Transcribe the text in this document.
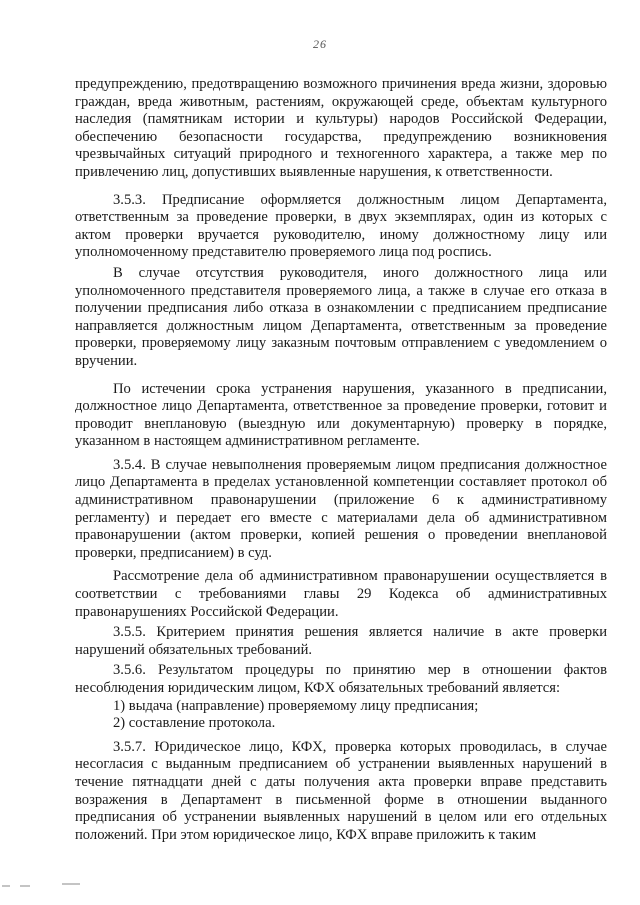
26

предупреждению, предотвращению возможного причинения вреда жизни, здоровью граждан, вреда животным, растениям, окружающей среде, объектам культурного наследия (памятникам истории и культуры) народов Российской Федерации, обеспечению безопасности государства, предупреждению возникновения чрезвычайных ситуаций природного и техногенного характера, а также мер по привлечению лиц, допустивших выявленные нарушения, к ответственности.

3.5.3. Предписание оформляется должностным лицом Департамента, ответственным за проведение проверки, в двух экземплярах, один из которых с актом проверки вручается руководителю, иному должностному лицу или уполномоченному представителю проверяемого лица под роспись.

В случае отсутствия руководителя, иного должностного лица или уполномоченного представителя проверяемого лица, а также в случае его отказа в получении предписания либо отказа в ознакомлении с предписанием предписание направляется должностным лицом Департамента, ответственным за проведение проверки, проверяемому лицу заказным почтовым отправлением с уведомлением о вручении.

По истечении срока устранения нарушения, указанного в предписании, должностное лицо Департамента, ответственное за проведение проверки, готовит и проводит внеплановую (выездную или документарную) проверку в порядке, указанном в настоящем административном регламенте.

3.5.4. В случае невыполнения проверяемым лицом предписания должностное лицо Департамента в пределах установленной компетенции составляет протокол об административном правонарушении (приложение 6 к административному регламенту) и передает его вместе с материалами дела об административном правонарушении (актом проверки, копией решения о проведении внеплановой проверки, предписанием) в суд.

Рассмотрение дела об административном правонарушении осуществляется в соответствии с требованиями главы 29 Кодекса об административных правонарушениях Российской Федерации.

3.5.5. Критерием принятия решения является наличие в акте проверки нарушений обязательных требований.

3.5.6. Результатом процедуры по принятию мер в отношении фактов несоблюдения юридическим лицом, КФХ обязательных требований является:

1) выдача (направление) проверяемому лицу предписания;

2) составление протокола.

3.5.7. Юридическое лицо, КФХ, проверка которых проводилась, в случае несогласия с выданным предписанием об устранении выявленных нарушений в течение пятнадцати дней с даты получения акта проверки вправе представить возражения в Департамент в письменной форме в отношении выданного предписания об устранении выявленных нарушений в целом или его отдельных положений. При этом юридическое лицо, КФХ вправе приложить к таким
